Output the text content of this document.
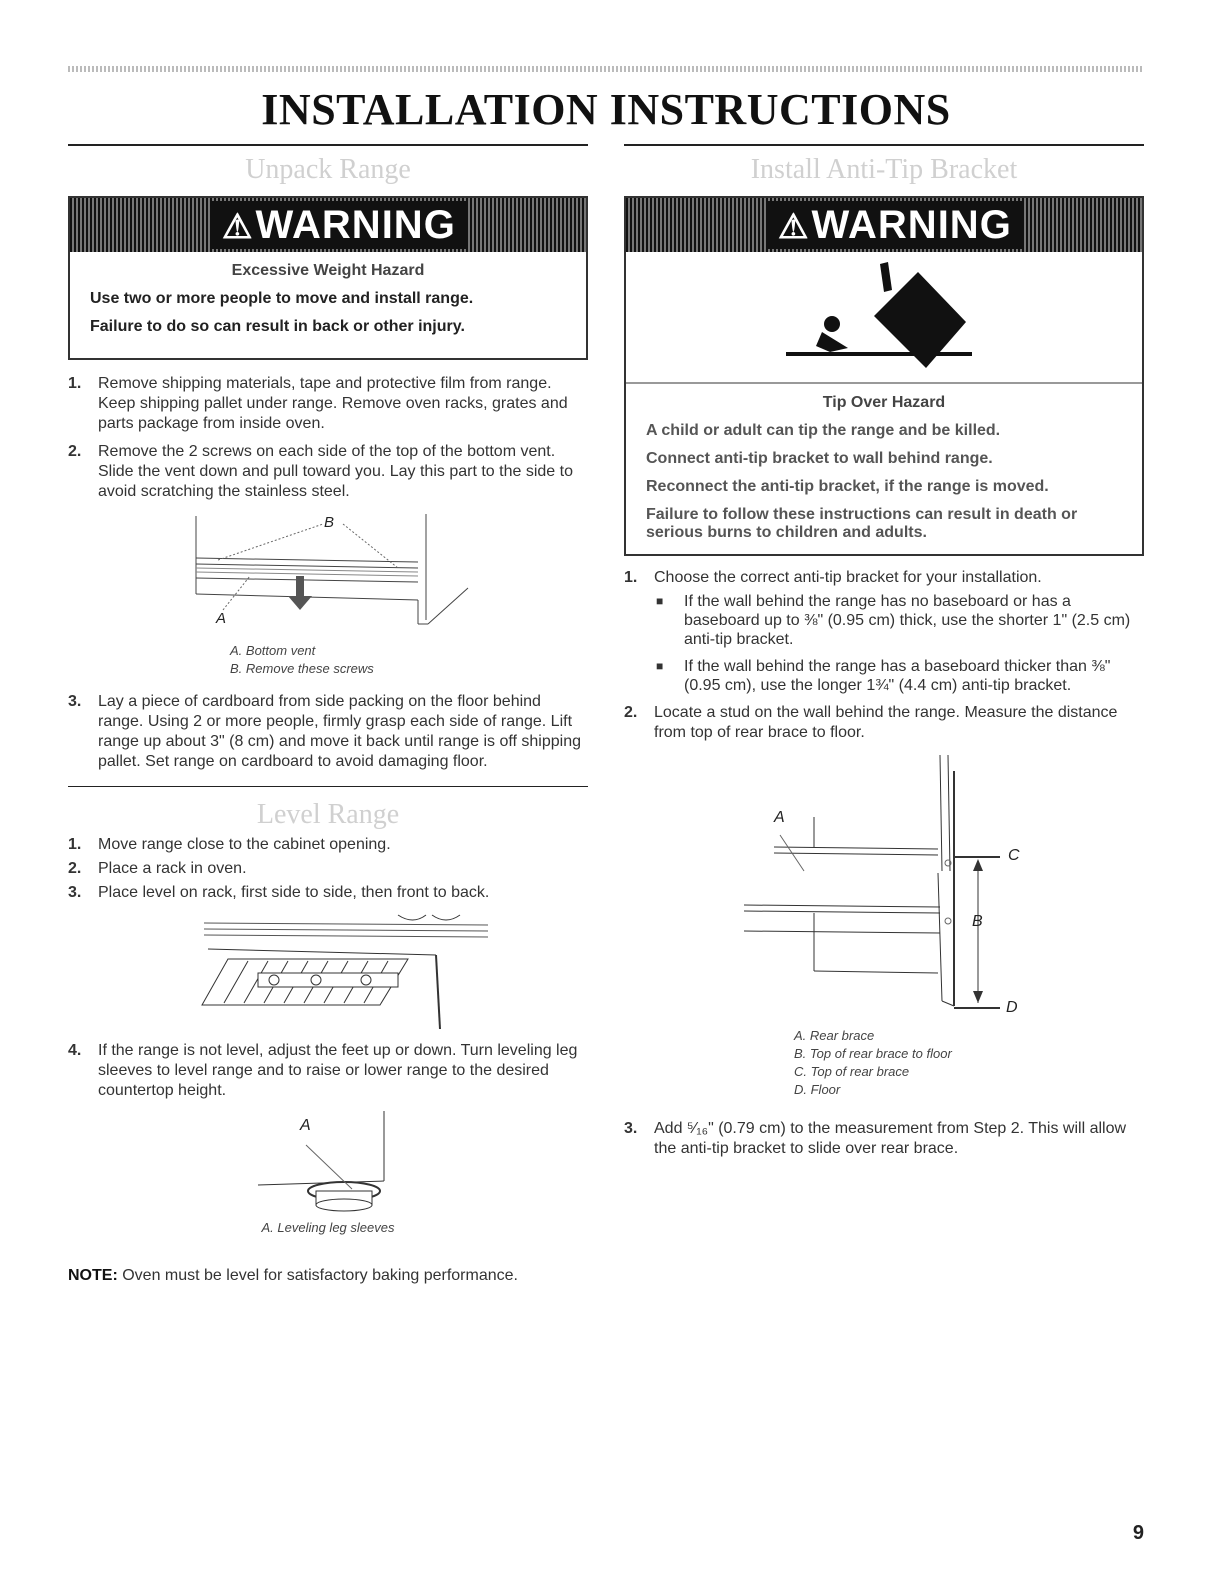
INSTALLATION INSTRUCTIONS
Unpack Range
⚠WARNING
Excessive Weight Hazard

Use two or more people to move and install range.

Failure to do so can result in back or other injury.

1. Remove shipping materials, tape and protective film from range. Keep shipping pallet under range. Remove oven racks, grates and parts package from inside oven.
2. Remove the 2 screws on each side of the top of the bottom vent. Slide the vent down and pull toward you. Lay this part to the side to avoid scratching the stainless steel.
B
A
A. Bottom vent
B. Remove these screws
3. Lay a piece of cardboard from side packing on the floor behind range. Using 2 or more people, firmly grasp each side of range. Lift range up about 3" (8 cm) and move it back until range is off shipping pallet. Set range on cardboard to avoid damaging floor.
Level Range
1. Move range close to the cabinet opening.
2. Place a rack in oven.
3. Place level on rack, first side to side, then front to back.
4. If the range is not level, adjust the feet up or down. Turn leveling leg sleeves to level range and to raise or lower range to the desired countertop height.
A
A. Leveling leg sleeves
NOTE: Oven must be level for satisfactory baking performance.
Install Anti-Tip Bracket
⚠WARNING
Tip Over Hazard

A child or adult can tip the range and be killed.

Connect anti-tip bracket to wall behind range.

Reconnect the anti-tip bracket, if the range is moved.

Failure to follow these instructions can result in death or serious burns to children and adults.

1. Choose the correct anti-tip bracket for your installation.
■ If the wall behind the range has no baseboard or has a baseboard up to ⅜" (0.95 cm) thick, use the shorter 1" (2.5 cm) anti-tip bracket.
■ If the wall behind the range has a baseboard thicker than ⅜" (0.95 cm), use the longer 1¾" (4.4 cm) anti-tip bracket.
2. Locate a stud on the wall behind the range. Measure the distance from top of rear brace to floor.
A
C
B
D
A. Rear brace
B. Top of rear brace to floor
C. Top of rear brace
D. Floor
3. Add ⁵⁄₁₆" (0.79 cm) to the measurement from Step 2. This will allow the anti-tip bracket to slide over rear brace.
9
